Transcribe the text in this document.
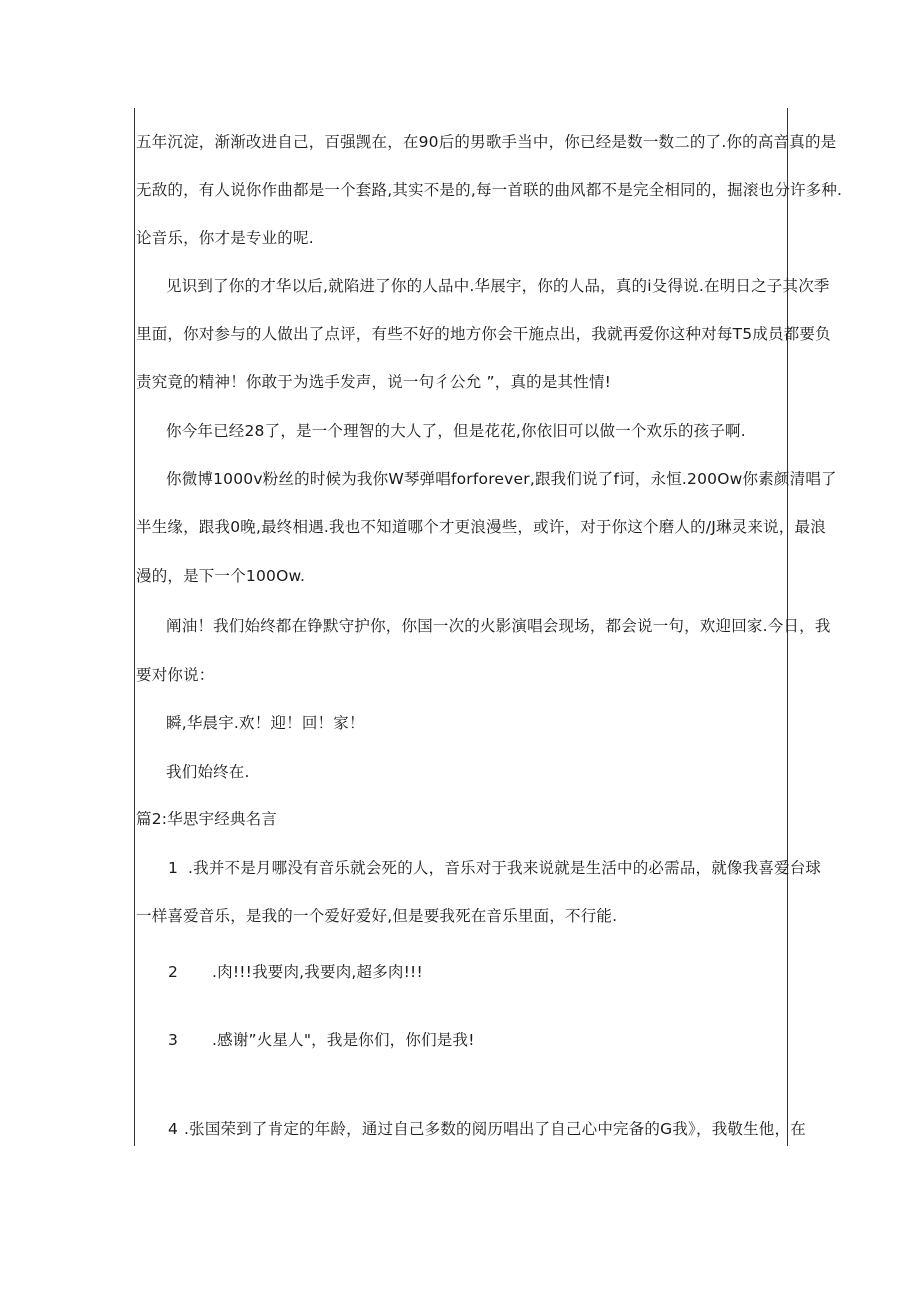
五年沉淀，渐渐改进自己，百强觊在，在90后的男歌手当中，你已经是数一数二的了.你的高音真的是
无敌的，有人说你作曲都是一个套路,其实不是的,每一首联的曲风都不是完全相同的，掘滚也分许多种.
论音乐，你才是专业的呢.
见识到了你的才华以后,就陷进了你的人品中.华展宇，你的人品，真的i殳得说.在明日之子其次季
里面，你对参与的人做出了点评，有些不好的地方你会干施点出，我就再爱你这种对每T5成员都要负
责究竟的精神！你敢于为选手发声，说一句彳公允 ”，真的是其性情!
你今年已经28了，是一个理智的大人了，但是花花,你依旧可以做一个欢乐的孩子啊.
你微博1000v粉丝的时候为我你W琴弹唱forforever,跟我们说了f诃，永恒.200Ow你素颜清唱了
半生缘，跟我0晚,最终相遇.我也不知道哪个才更浪漫些，或许，对于你这个磨人的/J琳灵来说，最浪
漫的，是下一个100Ow.
阐油！我们始终都在铮默守护你，你国一次的火影演唱会现场，都会说一句，欢迎回家.今日，我
要对你说：
瞬,华晨宇.欢！迎！回！家！
我们始终在.
篇2:华思宇经典名言
1 .我并不是月哪没有音乐就会死的人，音乐对于我来说就是生活中的必需品，就像我喜爱台球
一样喜爱音乐，是我的一个爱好爱好,但是要我死在音乐里面，不行能.
2 .肉!!!我要肉,我要肉,超多肉!!!
3 .感谢”火星人"，我是你们，你们是我!
4 .张国荣到了肯定的年龄，通过自己多数的阅历唱出了自己心中完备的G我》，我敬生他，在
